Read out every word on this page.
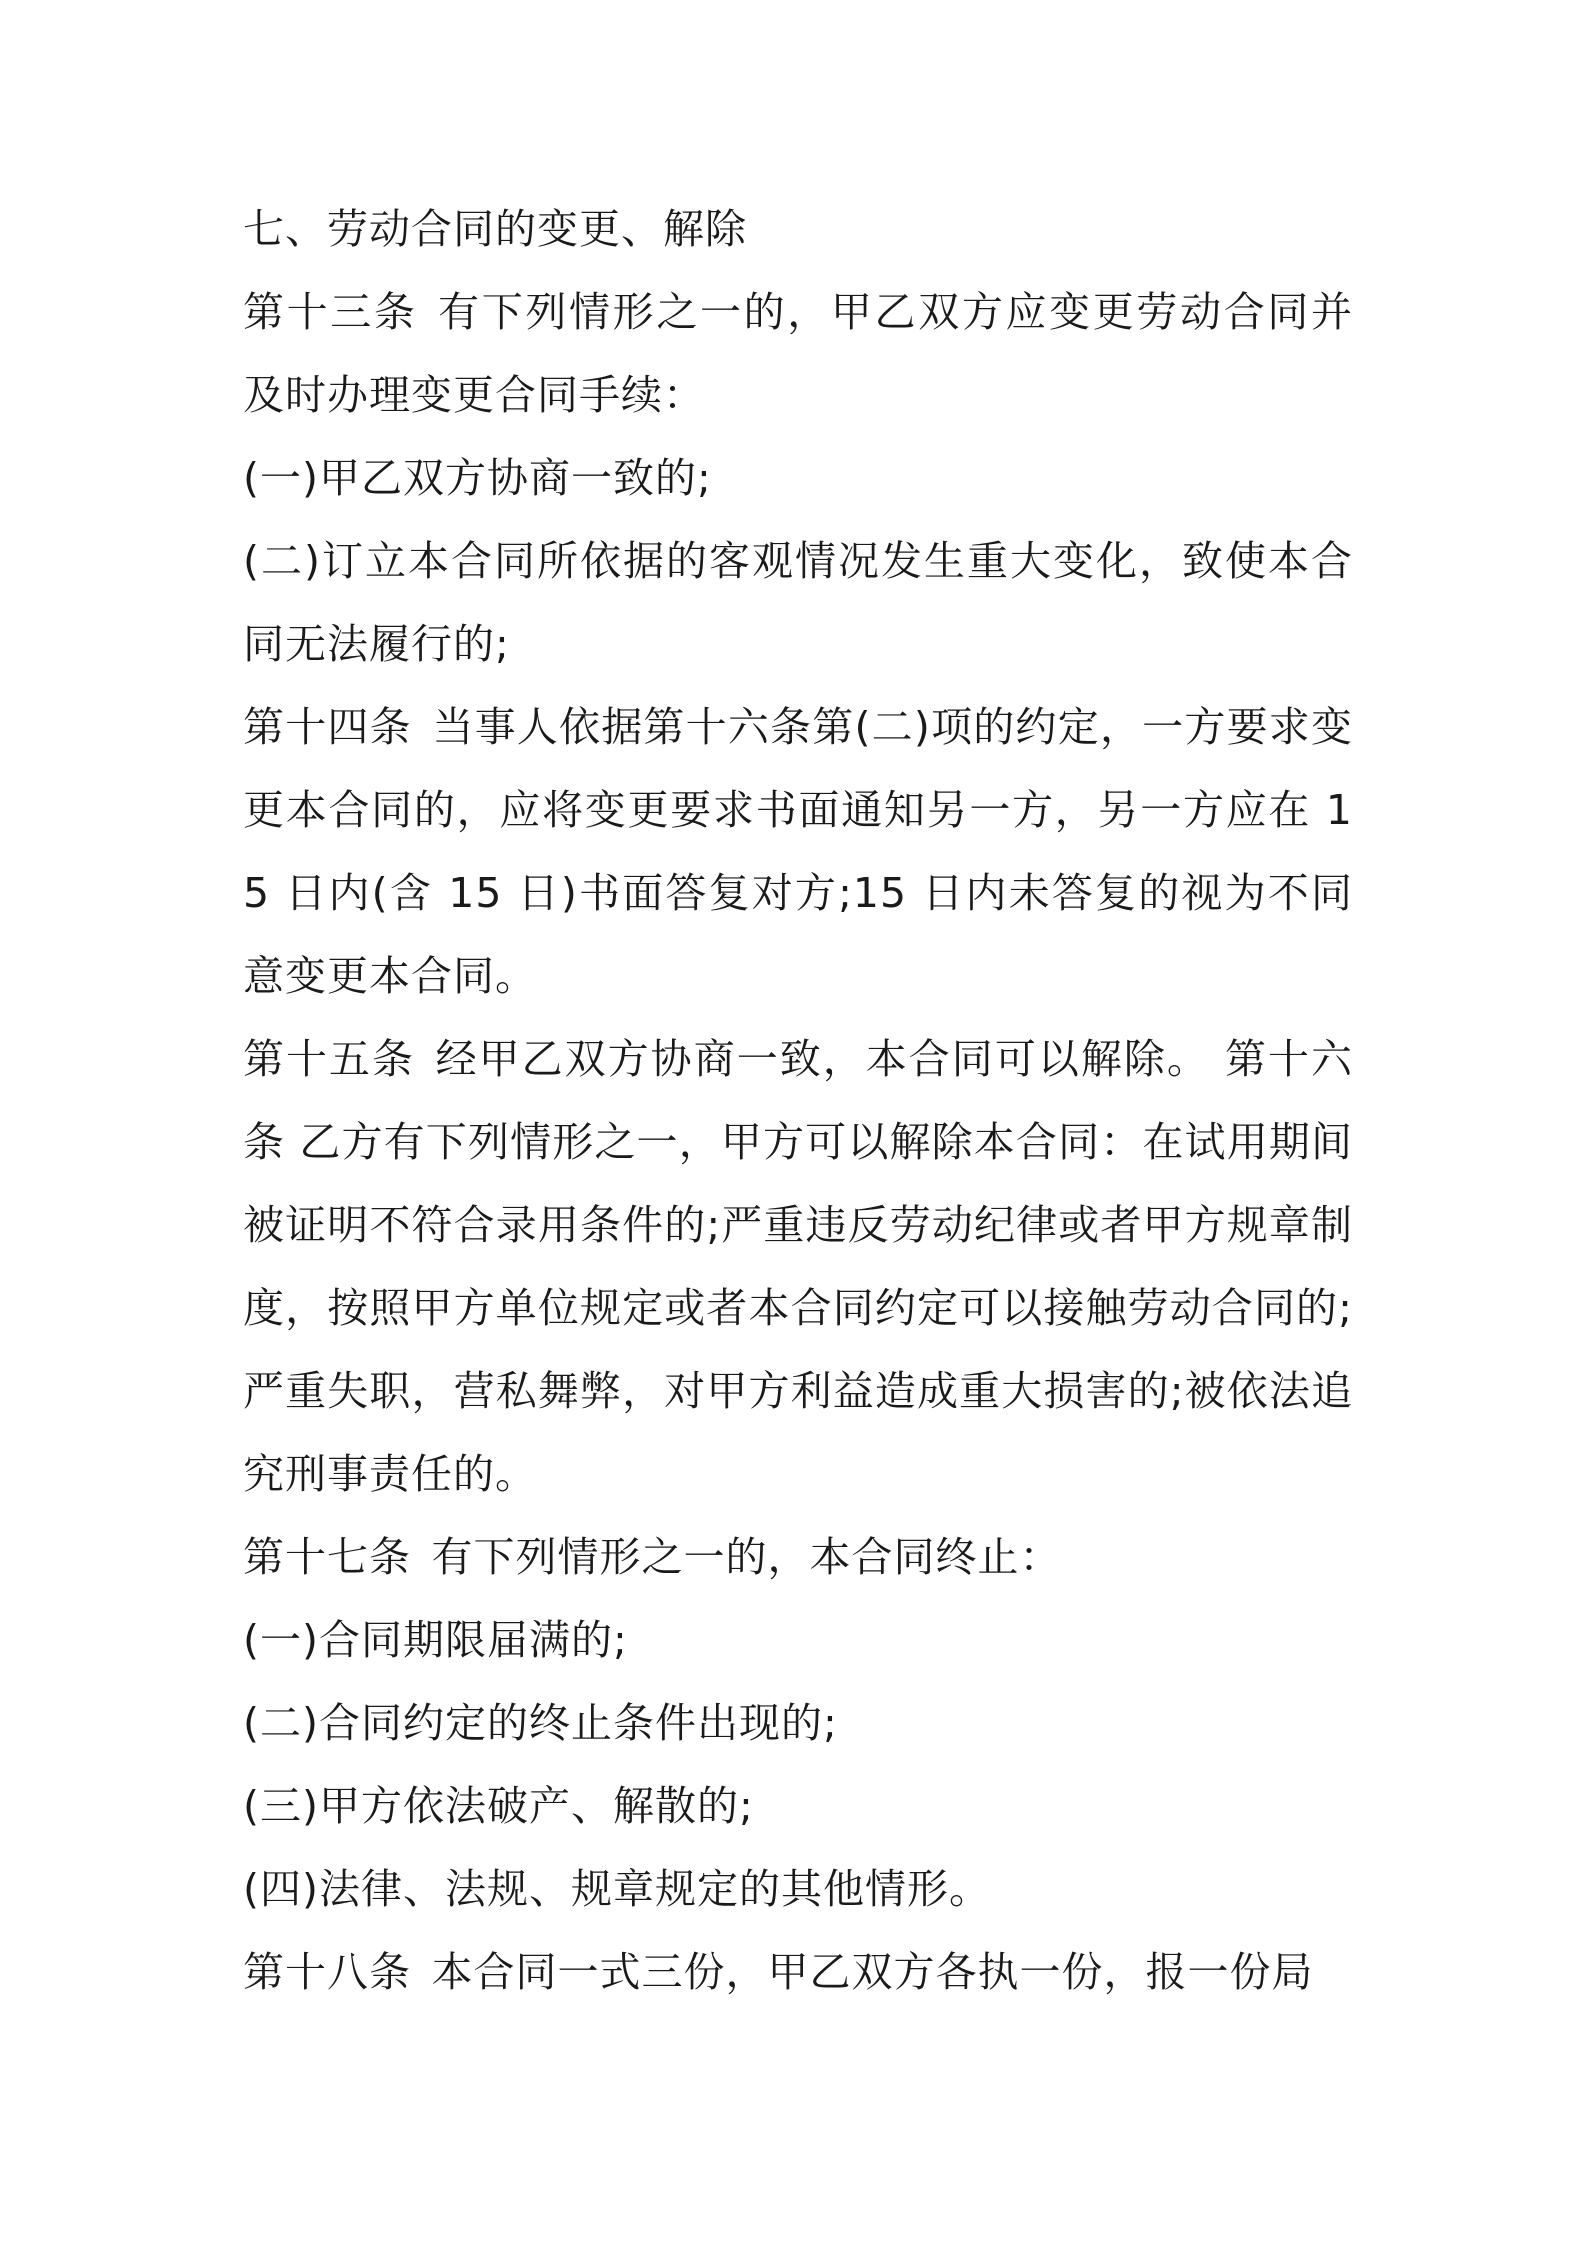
七、劳动合同的变更、解除

第十三条 有下列情形之一的，甲乙双方应变更劳动合同并及时办理变更合同手续：

(一)甲乙双方协商一致的;

(二)订立本合同所依据的客观情况发生重大变化，致使本合同无法履行的;

第十四条 当事人依据第十六条第(二)项的约定，一方要求变更本合同的，应将变更要求书面通知另一方，另一方应在 15 日内(含 15 日)书面答复对方;15 日内未答复的视为不同意变更本合同。

第十五条 经甲乙双方协商一致，本合同可以解除。 第十六条 乙方有下列情形之一，甲方可以解除本合同：在试用期间被证明不符合录用条件的;严重违反劳动纪律或者甲方规章制度，按照甲方单位规定或者本合同约定可以接触劳动合同的;严重失职，营私舞弊，对甲方利益造成重大损害的;被依法追究刑事责任的。

第十七条 有下列情形之一的，本合同终止：

(一)合同期限届满的;

(二)合同约定的终止条件出现的;

(三)甲方依法破产、解散的;

(四)法律、法规、规章规定的其他情形。

第十八条 本合同一式三份，甲乙双方各执一份，报一份局
